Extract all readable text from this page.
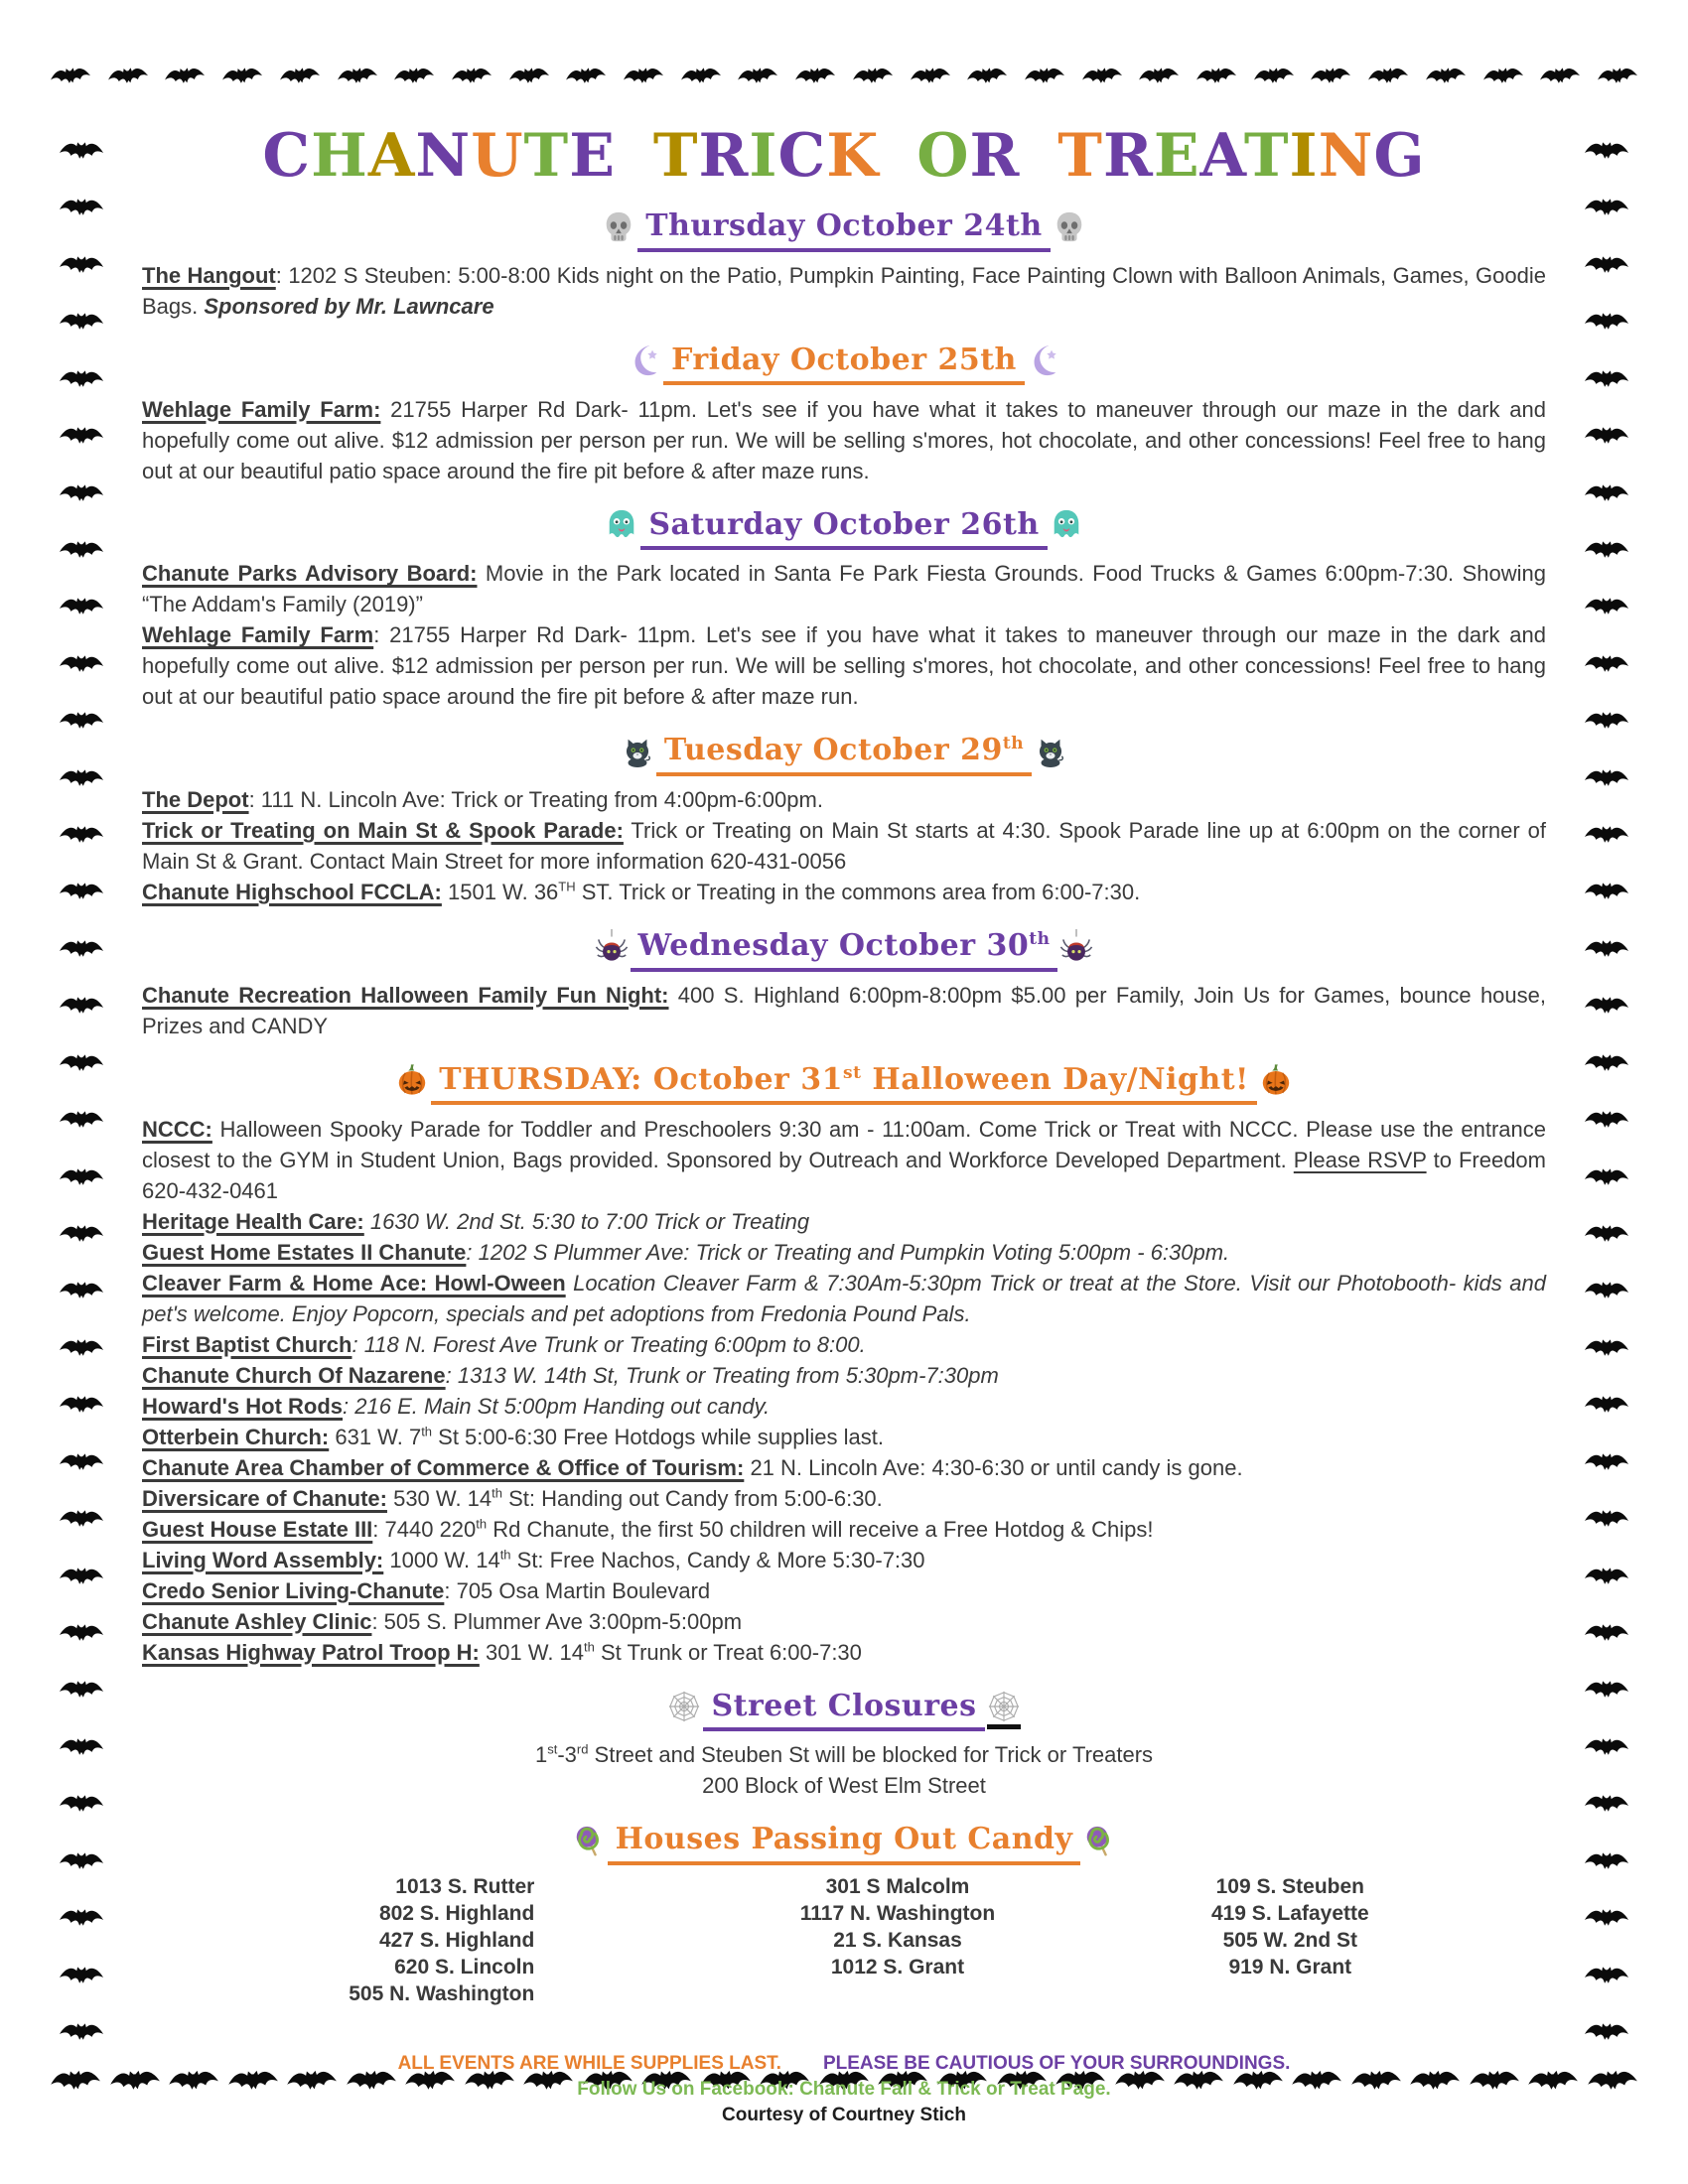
CHANUTE TRICK OR TREATING
Thursday October 24th
The Hangout: 1202 S Steuben: 5:00-8:00 Kids night on the Patio, Pumpkin Painting, Face Painting Clown with Balloon Animals, Games, Goodie Bags. Sponsored by Mr. Lawncare
Friday October 25th
Wehlage Family Farm: 21755 Harper Rd Dark- 11pm. Let's see if you have what it takes to maneuver through our maze in the dark and hopefully come out alive. $12 admission per person per run. We will be selling s'mores, hot chocolate, and other concessions! Feel free to hang out at our beautiful patio space around the fire pit before & after maze runs.
Saturday October 26th
Chanute Parks Advisory Board: Movie in the Park located in Santa Fe Park Fiesta Grounds. Food Trucks & Games 6:00pm-7:30. Showing “The Addam's Family (2019)”
Wehlage Family Farm: 21755 Harper Rd Dark- 11pm. Let's see if you have what it takes to maneuver through our maze in the dark and hopefully come out alive. $12 admission per person per run. We will be selling s'mores, hot chocolate, and other concessions! Feel free to hang out at our beautiful patio space around the fire pit before & after maze run.
Tuesday October 29th
The Depot: 111 N. Lincoln Ave: Trick or Treating from 4:00pm-6:00pm.
Trick or Treating on Main St & Spook Parade: Trick or Treating on Main St starts at 4:30. Spook Parade line up at 6:00pm on the corner of Main St & Grant. Contact Main Street for more information 620-431-0056
Chanute Highschool FCCLA: 1501 W. 36TH ST. Trick or Treating in the commons area from 6:00-7:30.
Wednesday October 30th
Chanute Recreation Halloween Family Fun Night: 400 S. Highland 6:00pm-8:00pm $5.00 per Family, Join Us for Games, bounce house, Prizes and CANDY
THURSDAY: October 31st Halloween Day/Night!
NCCC: Halloween Spooky Parade for Toddler and Preschoolers 9:30 am - 11:00am. Come Trick or Treat with NCCC. Please use the entrance closest to the GYM in Student Union, Bags provided. Sponsored by Outreach and Workforce Developed Department. Please RSVP to Freedom 620-432-0461
Heritage Health Care: 1630 W. 2nd St. 5:30 to 7:00 Trick or Treating
Guest Home Estates II Chanute: 1202 S Plummer Ave: Trick or Treating and Pumpkin Voting 5:00pm - 6:30pm.
Cleaver Farm & Home Ace: Howl-Oween Location Cleaver Farm & 7:30Am-5:30pm Trick or treat at the Store. Visit our Photobooth- kids and pet's welcome. Enjoy Popcorn, specials and pet adoptions from Fredonia Pound Pals.
First Baptist Church: 118 N. Forest Ave Trunk or Treating 6:00pm to 8:00.
Chanute Church Of Nazarene: 1313 W. 14th St, Trunk or Treating from 5:30pm-7:30pm
Howard's Hot Rods: 216 E. Main St 5:00pm Handing out candy.
Otterbein Church: 631 W. 7th St 5:00-6:30 Free Hotdogs while supplies last.
Chanute Area Chamber of Commerce & Office of Tourism: 21 N. Lincoln Ave: 4:30-6:30 or until candy is gone.
Diversicare of Chanute: 530 W. 14th St: Handing out Candy from 5:00-6:30.
Guest House Estate III: 7440 220th Rd Chanute, the first 50 children will receive a Free Hotdog & Chips!
Living Word Assembly: 1000 W. 14th St: Free Nachos, Candy & More 5:30-7:30
Credo Senior Living-Chanute: 705 Osa Martin Boulevard
Chanute Ashley Clinic: 505 S. Plummer Ave 3:00pm-5:00pm
Kansas Highway Patrol Troop H: 301 W. 14th St Trunk or Treat 6:00-7:30
Street Closures
1st-3rd Street and Steuben St will be blocked for Trick or Treaters
200 Block of West Elm Street
Houses Passing Out Candy
1013 S. Rutter
802 S. Highland
427 S. Highland
620 S. Lincoln
505 N. Washington
301 S Malcolm
1117 N. Washington
21 S. Kansas
1012 S. Grant
109 S. Steuben
419 S. Lafayette
505 W. 2nd St
919 N. Grant
ALL EVENTS ARE WHILE SUPPLIES LAST. PLEASE BE CAUTIOUS OF YOUR SURROUNDINGS.
Follow Us on Facebook: Chanute Fall & Trick or Treat Page.
Courtesy of Courtney Stich
